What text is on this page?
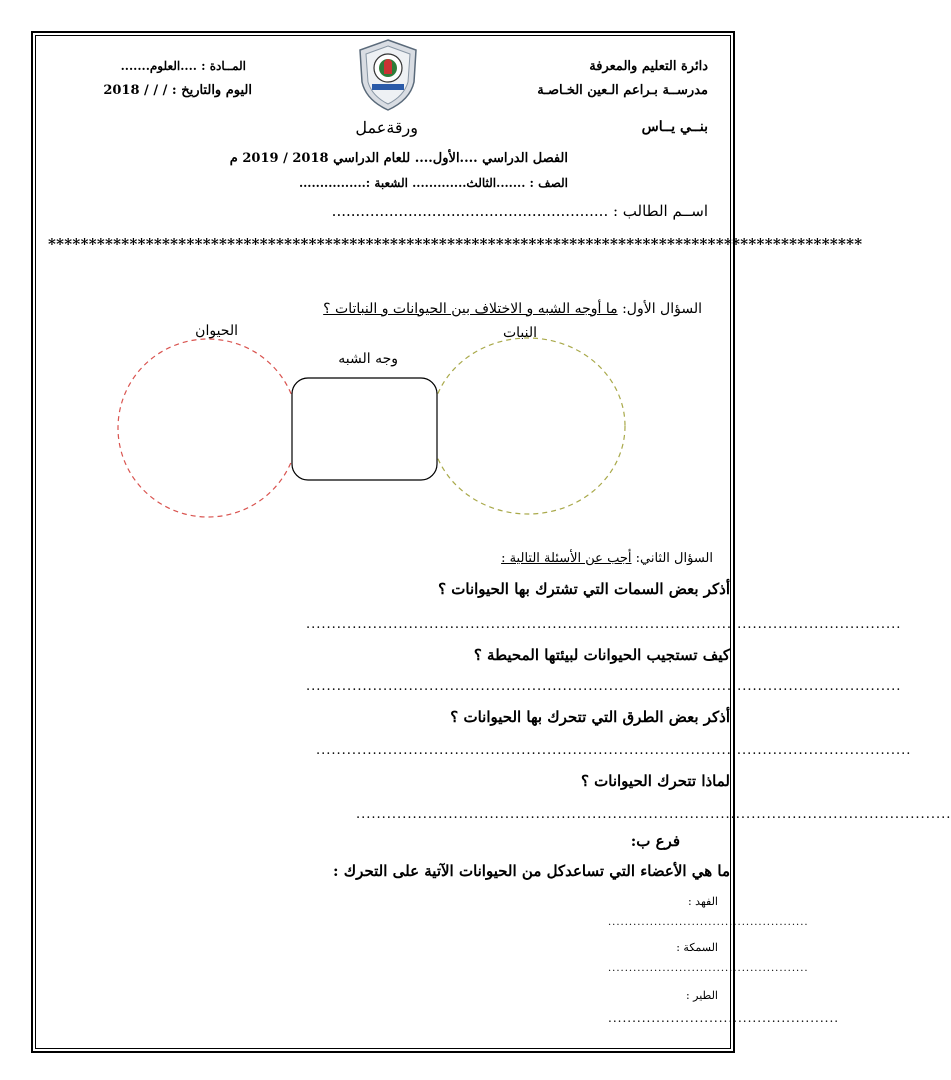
دائرة التعليم والمعرفة
مدرســة بـراعم الـعين الخـاصـة
بنــي يــاس
المــادة : ....العلوم.......
اليوم والتاريخ : / / / 2018
ورقةعمل
الفصل الدراسي ....الأول.... للعام الدراسي 2018 / 2019 م
الصف : .......الثالث............. الشعبة :................
اســم الطالب : ..........................................................
****************************************************************************************************
السؤال الأول: ما أوجه الشبه و الاختلاف بين الحيوانات و النباتات ؟
الحيوان	النبات
وجه الشبه
السؤال الثاني: أجب عن الأسئلة التالية :
أذكر بعض السمات التي تشترك بها الحيوانات ؟
....................................................................................................................
كيف تستجيب الحيوانات لبيئتها المحيطة ؟
....................................................................................................................
أذكر بعض الطرق التي تتحرك بها الحيوانات ؟
....................................................................................................................
لماذا تتحرك الحيوانات ؟
....................................................................................................................
فرع ب:
ما هي الأعضاء التي تساعدكل من الحيوانات الآتية على التحرك :
الفهد :
................................................
السمكة :
................................................
الطير :
................................................
